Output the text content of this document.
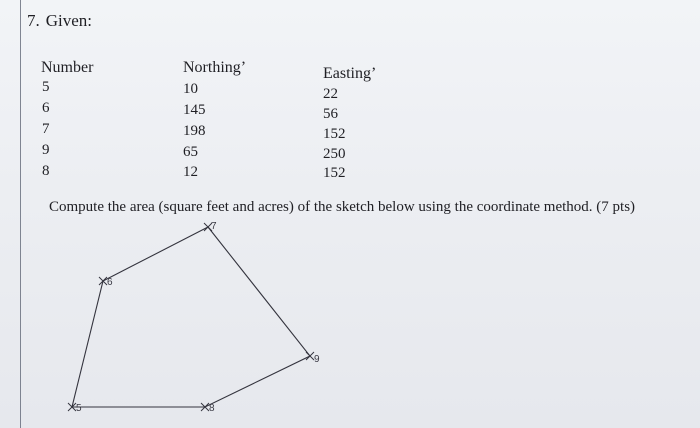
7. Given:
Number	Northing’	Easting’
5
6
7
9
8
10
145
198
65
12
22
56
152
250
152
Compute the area (square feet and acres) of the sketch below using the coordinate method. (7 pts)
7
6
9
8
5
